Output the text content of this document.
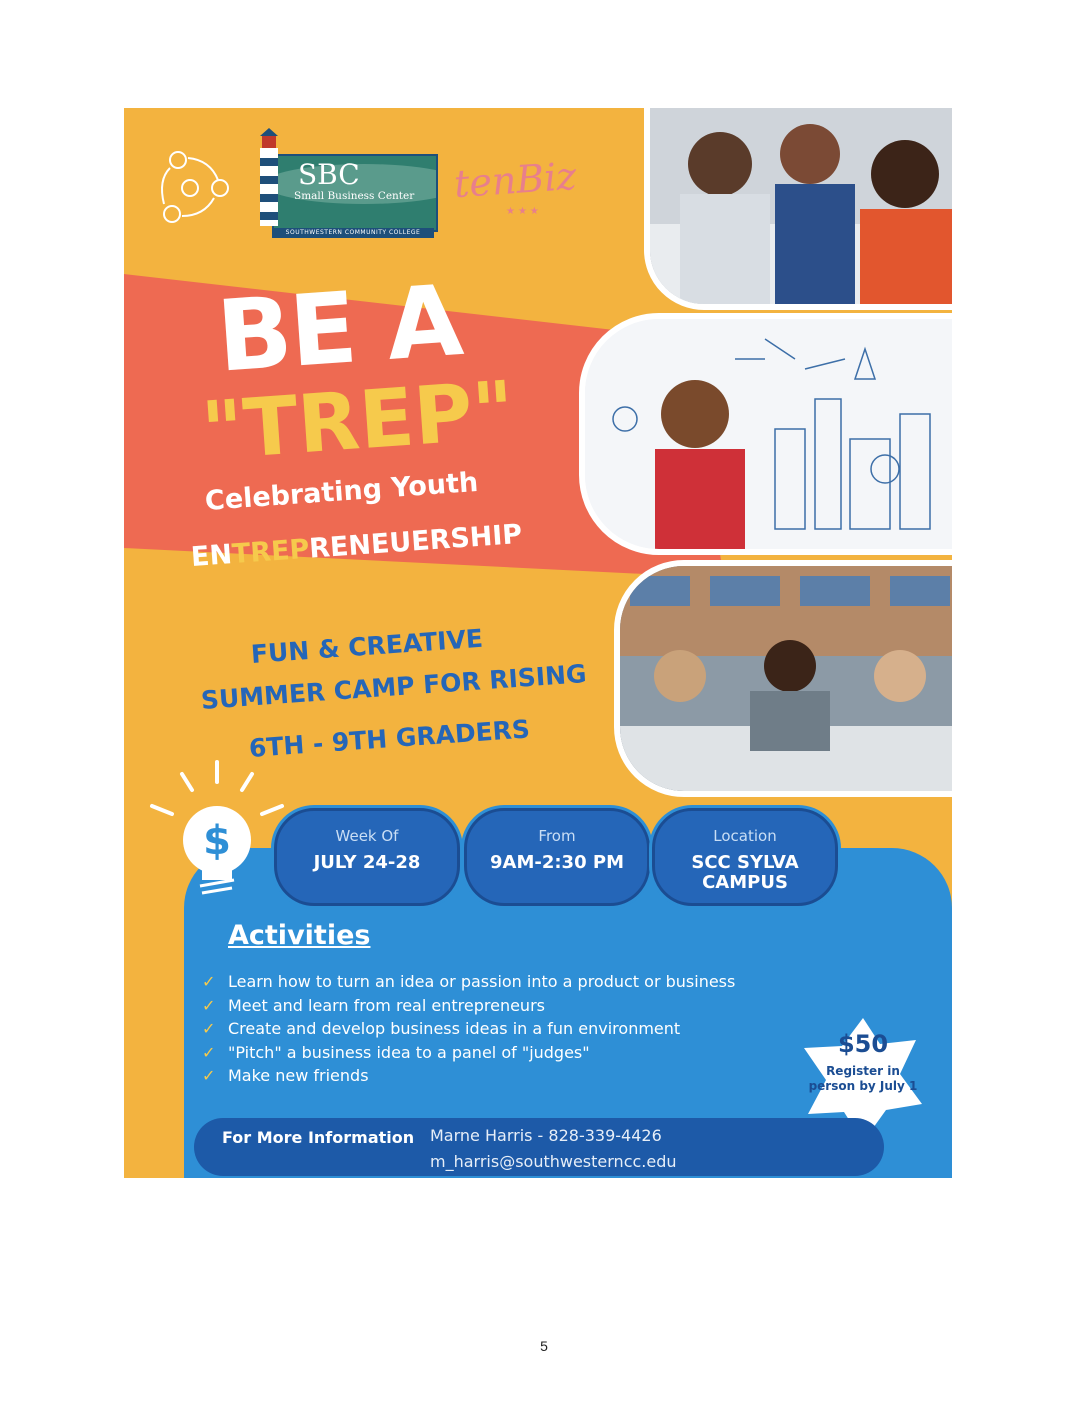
SBC
Small Business Center
SOUTHWESTERN COMMUNITY COLLEGE
tenBiz
★★★
BE A
"TREP"
Celebrating Youth
ENTREPRENEUERSHIP
FUN & CREATIVE
SUMMER CAMP FOR RISING
6TH - 9TH GRADERS
$	Week Of
JULY 24-28
From
9AM-2:30 PM
Location
SCC SYLVA CAMPUS
Activities
✓ Learn how to turn an idea or passion into a product or business
✓ Meet and learn from real entrepreneurs
✓ Create and develop business ideas in a fun environment
✓ "Pitch" a business idea to a panel of "judges"
✓ Make new friends
$50
Register in person by July 1
For More Information Marne Harris - 828-339-4426
m_harris@southwesterncc.edu
5
